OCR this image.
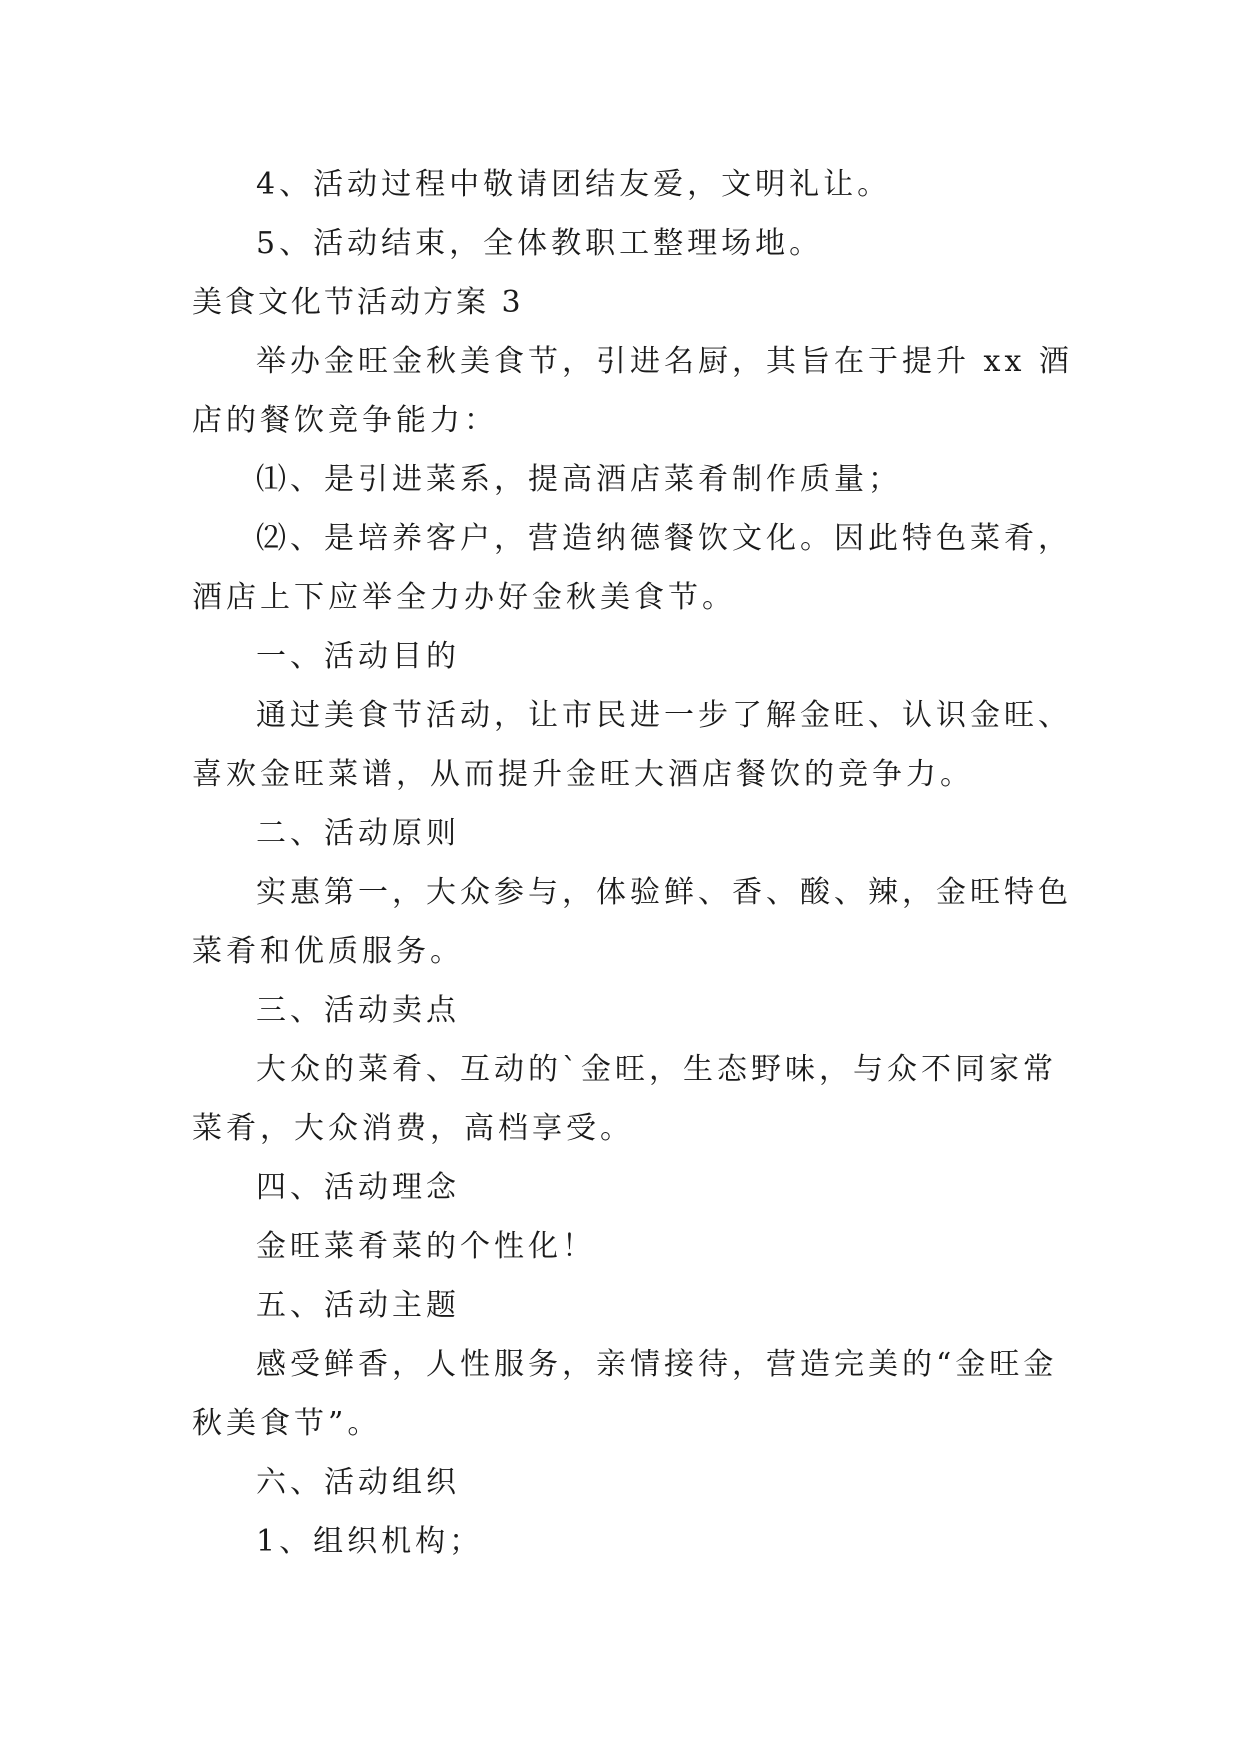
4、活动过程中敬请团结友爱，文明礼让。
5、活动结束，全体教职工整理场地。
美食文化节活动方案 3
举办金旺金秋美食节，引进名厨，其旨在于提升 xx 酒
店的餐饮竞争能力：
⑴、是引进菜系，提高酒店菜肴制作质量；
⑵、是培养客户，营造纳德餐饮文化。因此特色菜肴，
酒店上下应举全力办好金秋美食节。
一、活动目的
通过美食节活动，让市民进一步了解金旺、认识金旺、
喜欢金旺菜谱，从而提升金旺大酒店餐饮的竞争力。
二、活动原则
实惠第一，大众参与，体验鲜、香、酸、辣，金旺特色
菜肴和优质服务。
三、活动卖点
大众的菜肴、互动的`金旺，生态野味，与众不同家常
菜肴，大众消费，高档享受。
四、活动理念
金旺菜肴菜的个性化！
五、活动主题
感受鲜香，人性服务，亲情接待，营造完美的“金旺金
秋美食节”。
六、活动组织
1、组织机构；
